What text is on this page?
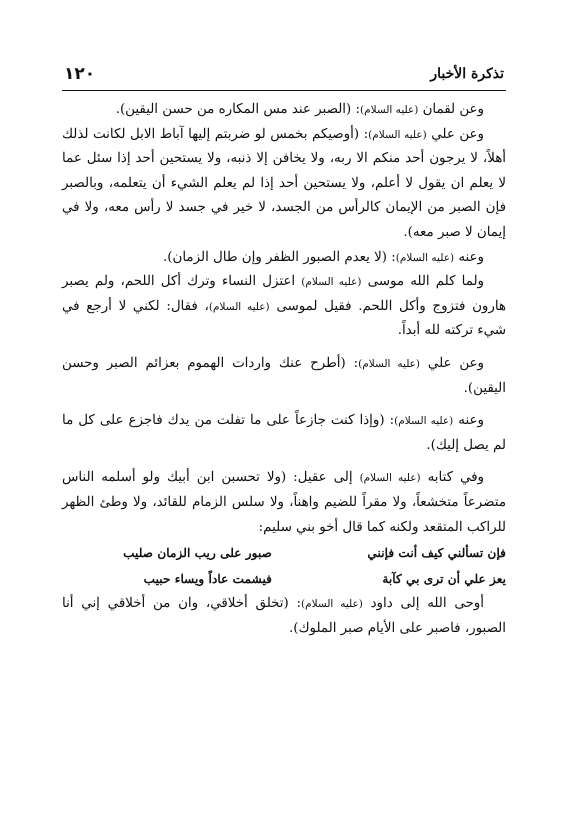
١٢٠	تذكرة الأخبار

وعن لقمان (عليه السلام): (الصبر عند مس المكاره من حسن اليقين).

وعن علي (عليه السلام): (أوصيكم بخمس لو ضربتم إليها آباط الابل لكانت لذلك أهلاً، لا يرجون أحد منكم الا ربه، ولا يخافن إلا ذنبه، ولا يستحين أحد إذا سئل عما لا يعلم ان يقول لا أعلم، ولا يستحين أحد إذا لم يعلم الشيء أن يتعلمه، وبالصبر فإن الصبر من الإيمان كالرأس من الجسد، لا خير في جسد لا رأس معه، ولا في إيمان لا صبر معه).

وعنه (عليه السلام): (لا يعدم الصبور الظفر وإن طال الزمان).

ولما كلم الله موسى (عليه السلام) اعتزل النساء وترك أكل اللحم، ولم يصبر هارون فتزوج وأكل اللحم. فقيل لموسى (عليه السلام)، فقال: لكني لا أرجع في شيء تركته لله أبداً.

وعن علي (عليه السلام): (أطرح عنك واردات الهموم بعزائم الصبر وحسن اليقين).

وعنه (عليه السلام): (وإذا كنت جازعاً على ما تفلت من يدك فاجزع على كل ما لم يصل إليك).

وفي كتابه (عليه السلام) إلى عقيل: (ولا تحسبن ابن أبيك ولو أسلمه الناس متضرعاً متخشعاً، ولا مقراً للضيم واهناً، ولا سلس الزمام للقائد، ولا وطئ الظهر للراكب المتقعد ولكنه كما قال أخو بني سليم:

فإن تسألني كيف أنت فإنني
صبور على ريب الزمان صليب
يعز علي أن ترى بي كآبة
فيشمت عاداً ويساء حبيب

أوحى الله إلى داود (عليه السلام): (تخلق أخلاقي، وان من أخلاقي إني أنا الصبور، فاصبر على الأيام صبر الملوك).
